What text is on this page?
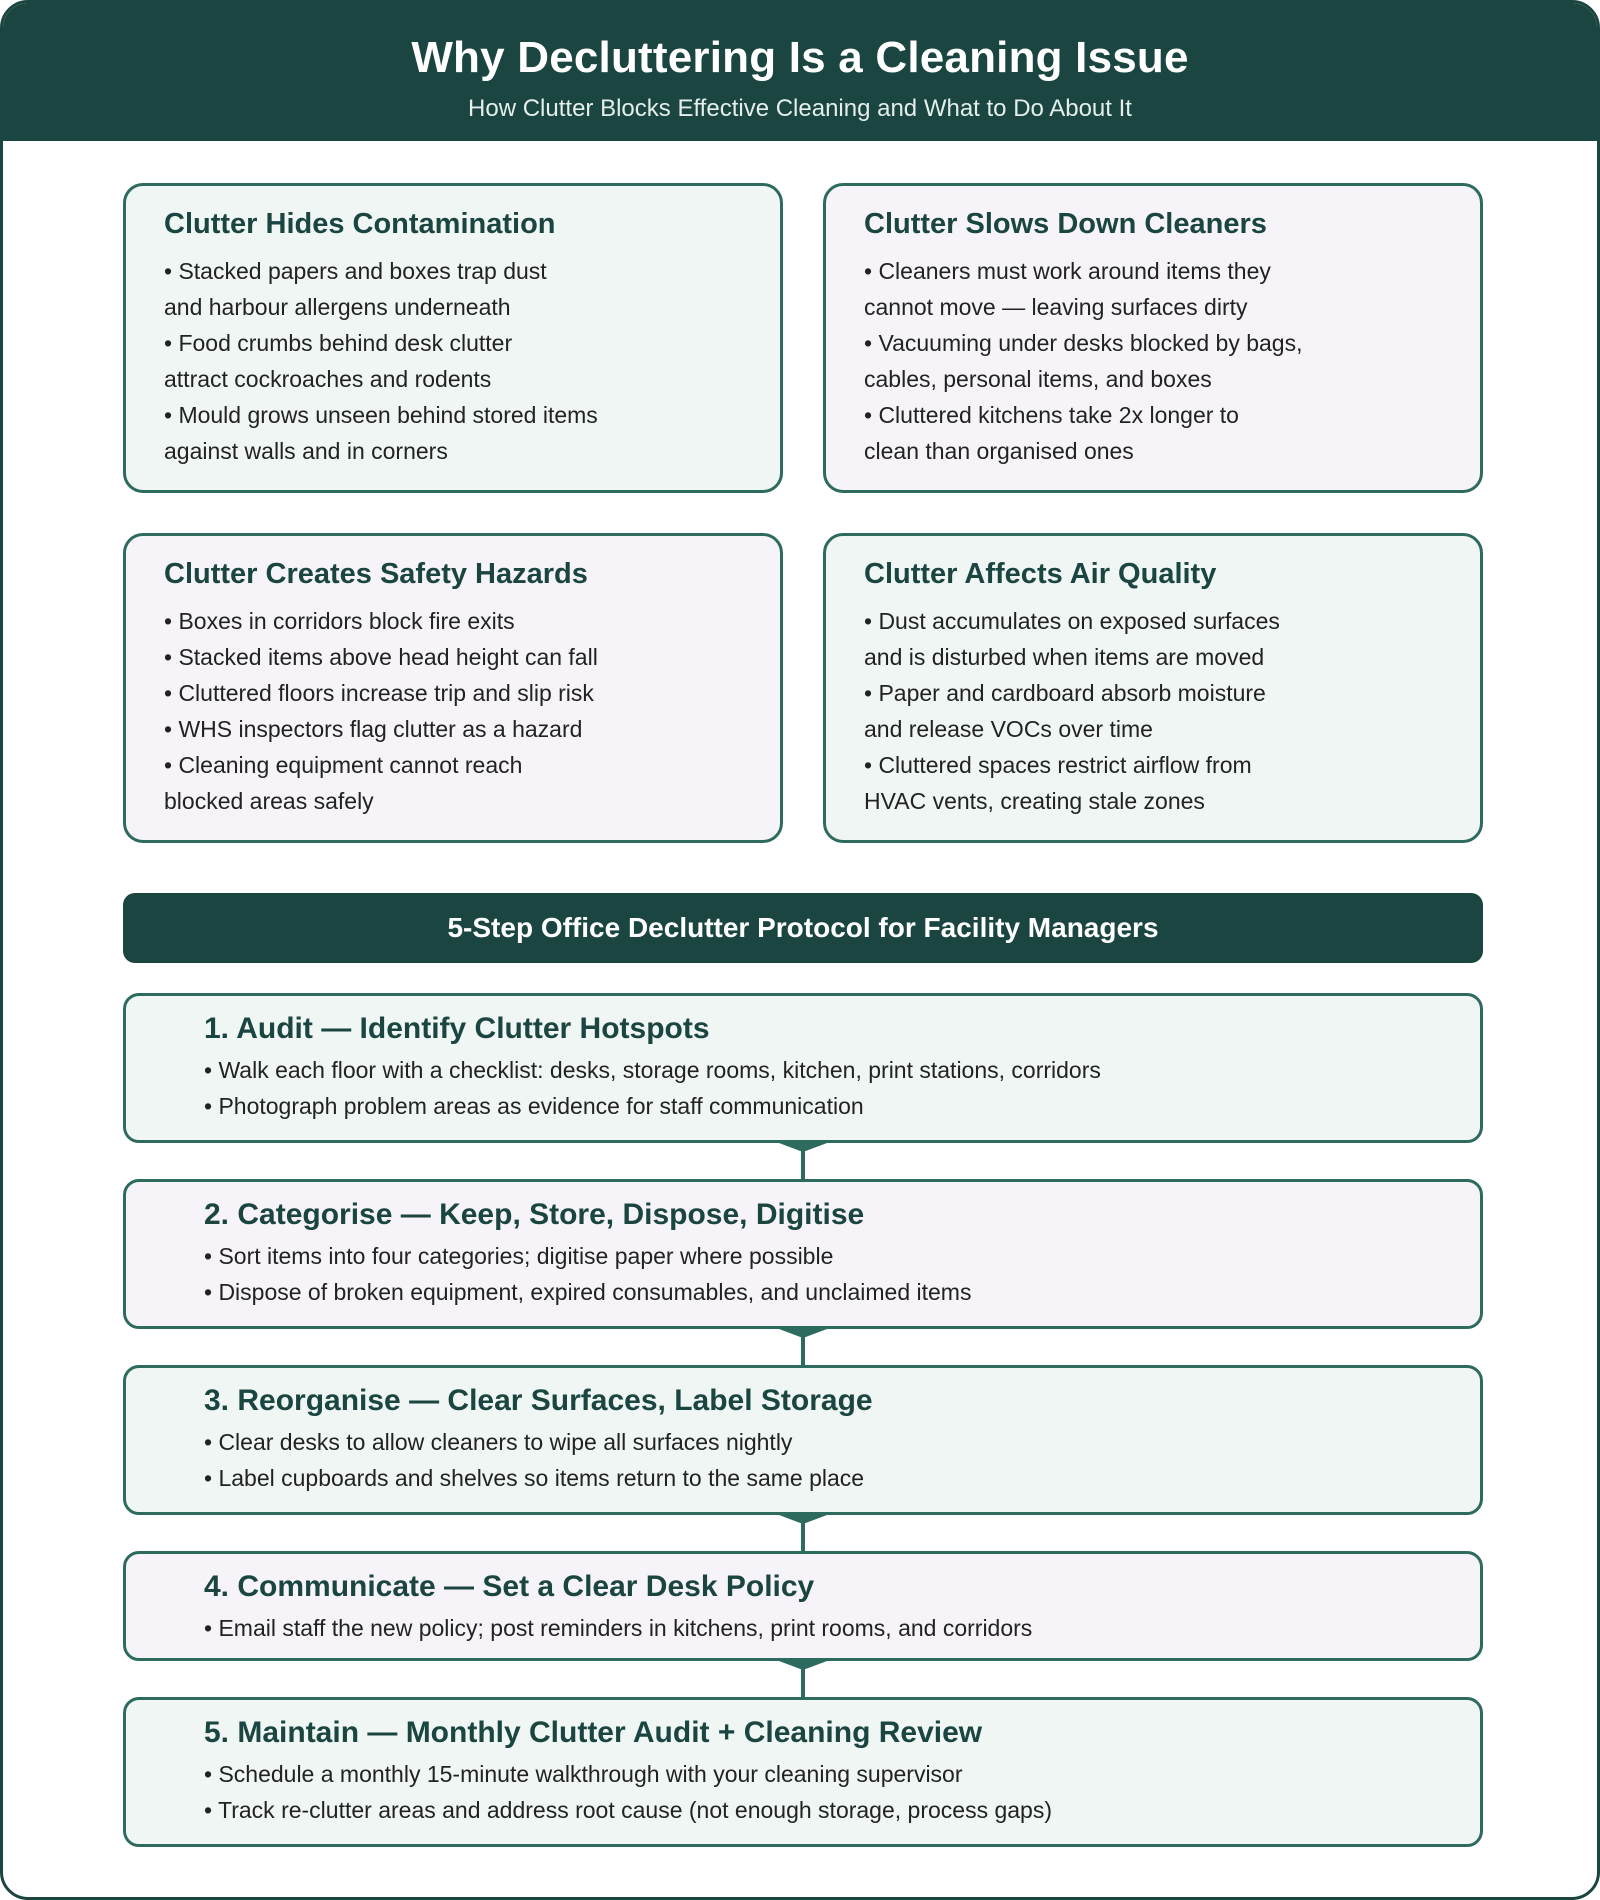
Why Decluttering Is a Cleaning Issue
How Clutter Blocks Effective Cleaning and What to Do About It
Clutter Hides Contamination
• Stacked papers and boxes trap dust
and harbour allergens underneath
• Food crumbs behind desk clutter
attract cockroaches and rodents
• Mould grows unseen behind stored items
against walls and in corners
Clutter Slows Down Cleaners
• Cleaners must work around items they
cannot move — leaving surfaces dirty
• Vacuuming under desks blocked by bags,
cables, personal items, and boxes
• Cluttered kitchens take 2x longer to
clean than organised ones
Clutter Creates Safety Hazards
• Boxes in corridors block fire exits
• Stacked items above head height can fall
• Cluttered floors increase trip and slip risk
• WHS inspectors flag clutter as a hazard
• Cleaning equipment cannot reach
blocked areas safely
Clutter Affects Air Quality
• Dust accumulates on exposed surfaces
and is disturbed when items are moved
• Paper and cardboard absorb moisture
and release VOCs over time
• Cluttered spaces restrict airflow from
HVAC vents, creating stale zones
5-Step Office Declutter Protocol for Facility Managers
1. Audit — Identify Clutter Hotspots
• Walk each floor with a checklist: desks, storage rooms, kitchen, print stations, corridors
• Photograph problem areas as evidence for staff communication
2. Categorise — Keep, Store, Dispose, Digitise
• Sort items into four categories; digitise paper where possible
• Dispose of broken equipment, expired consumables, and unclaimed items
3. Reorganise — Clear Surfaces, Label Storage
• Clear desks to allow cleaners to wipe all surfaces nightly
• Label cupboards and shelves so items return to the same place
4. Communicate — Set a Clear Desk Policy
• Email staff the new policy; post reminders in kitchens, print rooms, and corridors
5. Maintain — Monthly Clutter Audit + Cleaning Review
• Schedule a monthly 15-minute walkthrough with your cleaning supervisor
• Track re-clutter areas and address root cause (not enough storage, process gaps)
